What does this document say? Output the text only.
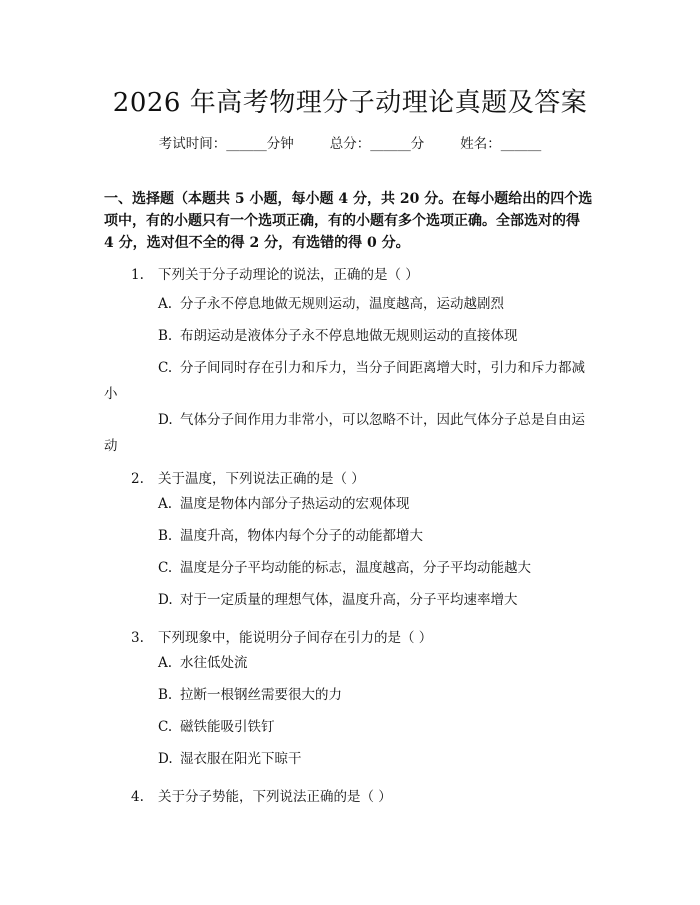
2026 年高考物理分子动理论真题及答案
考试时间：______分钟	总分：______分	姓名：______
一、选择题（本题共 5 小题，每小题 4 分，共 20 分。在每小题给出的四个选项中，有的小题只有一个选项正确，有的小题有多个选项正确。全部选对的得 4 分，选对但不全的得 2 分，有选错的得 0 分。
1. 下列关于分子动理论的说法，正确的是（ ）
A. 分子永不停息地做无规则运动，温度越高，运动越剧烈
B. 布朗运动是液体分子永不停息地做无规则运动的直接体现
C. 分子间同时存在引力和斥力，当分子间距离增大时，引力和斥力都减小
D. 气体分子间作用力非常小，可以忽略不计，因此气体分子总是自由运动
2. 关于温度，下列说法正确的是（ ）
A. 温度是物体内部分子热运动的宏观体现
B. 温度升高，物体内每个分子的动能都增大
C. 温度是分子平均动能的标志，温度越高，分子平均动能越大
D. 对于一定质量的理想气体，温度升高，分子平均速率增大
3. 下列现象中，能说明分子间存在引力的是（ ）
A. 水往低处流
B. 拉断一根钢丝需要很大的力
C. 磁铁能吸引铁钉
D. 湿衣服在阳光下晾干
4. 关于分子势能，下列说法正确的是（ ）
